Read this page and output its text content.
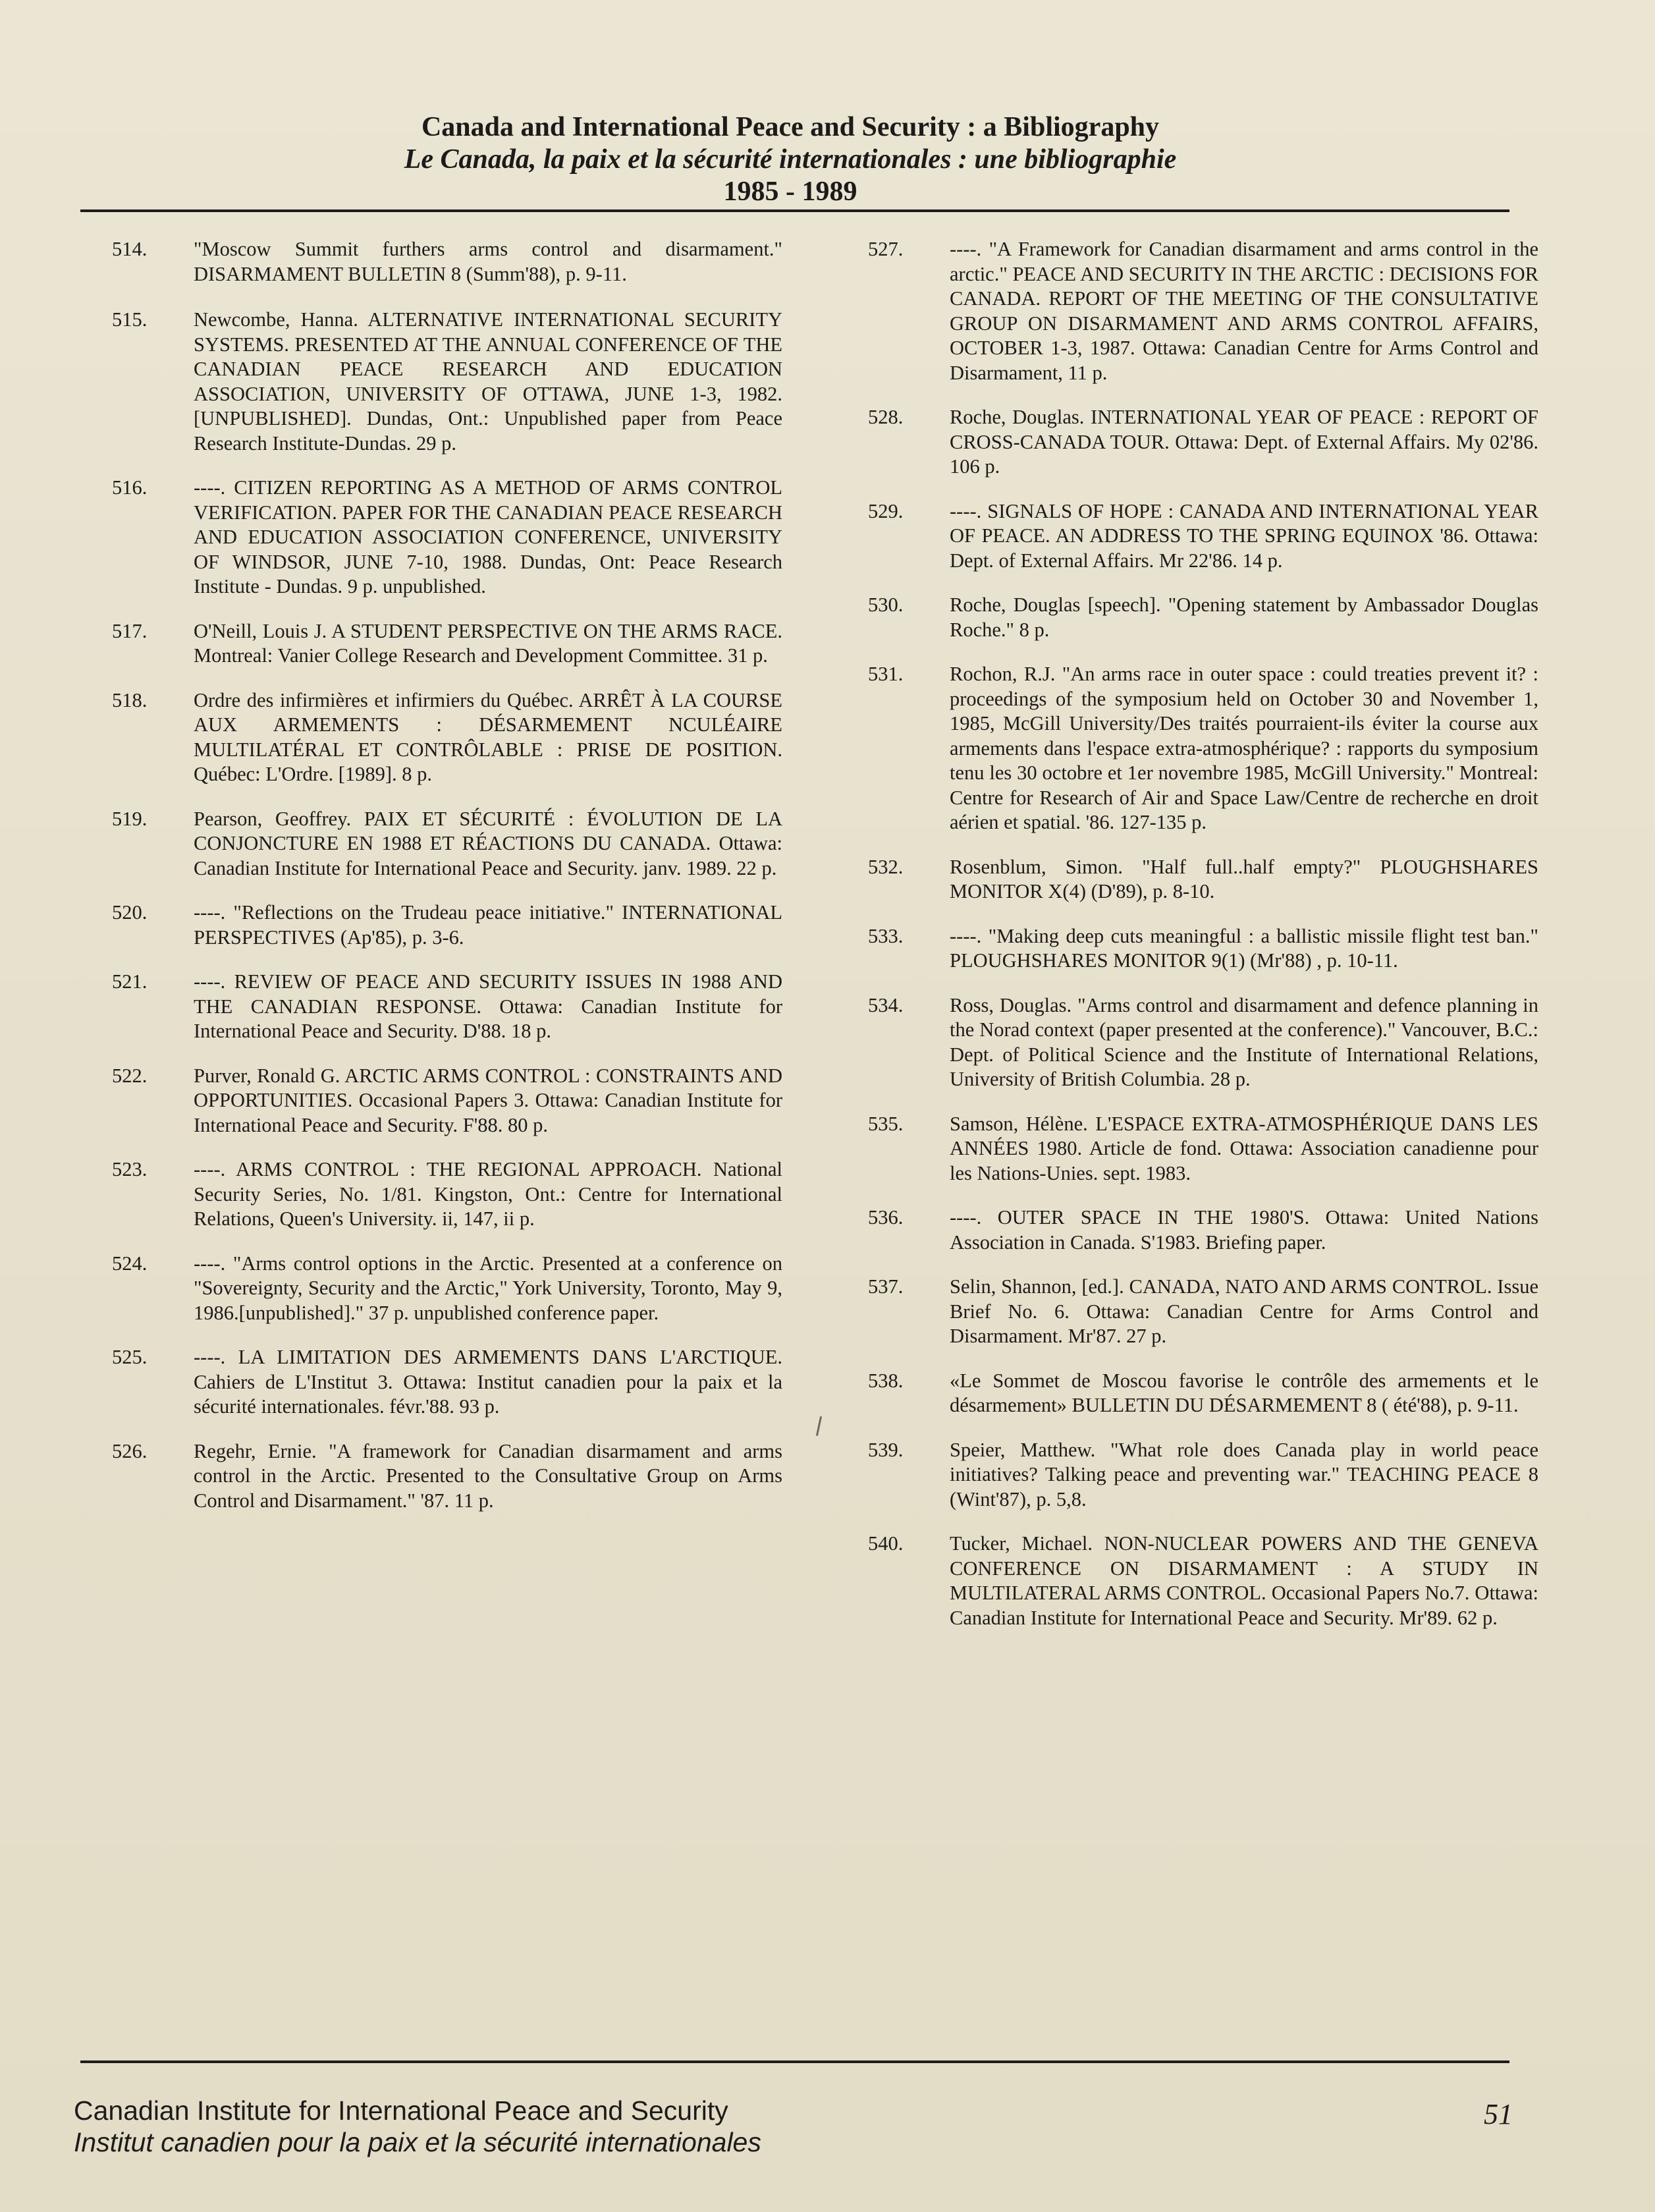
Canada and International Peace and Security : a Bibliography
Le Canada, la paix et la sécurité internationales : une bibliographie
1985 - 1989
514.	"Moscow Summit furthers arms control and disarmament." DISARMAMENT BULLETIN 8 (Summ'88), p. 9-11.
515.	Newcombe, Hanna. ALTERNATIVE INTERNATIONAL SECURITY SYSTEMS. PRESENTED AT THE ANNUAL CONFERENCE OF THE CANADIAN PEACE RESEARCH AND EDUCATION ASSOCIATION, UNIVERSITY OF OTTAWA, JUNE 1-3, 1982.[UNPUBLISHED]. Dundas, Ont.: Unpublished paper from Peace Research Institute-Dundas. 29 p.
516.	----. CITIZEN REPORTING AS A METHOD OF ARMS CONTROL VERIFICATION. PAPER FOR THE CANADIAN PEACE RESEARCH AND EDUCATION ASSOCIATION CONFERENCE, UNIVERSITY OF WINDSOR, JUNE 7-10, 1988. Dundas, Ont: Peace Research Institute - Dundas. 9 p. unpublished.
517.	O'Neill, Louis J. A STUDENT PERSPECTIVE ON THE ARMS RACE. Montreal: Vanier College Research and Development Committee. 31 p.
518.	Ordre des infirmières et infirmiers du Québec. ARRÊT À LA COURSE AUX ARMEMENTS : DÉSARMEMENT NCULÉAIRE MULTILATÉRAL ET CONTRÔLABLE : PRISE DE POSITION. Québec: L'Ordre. [1989]. 8 p.
519.	Pearson, Geoffrey. PAIX ET SÉCURITÉ : ÉVOLUTION DE LA CONJONCTURE EN 1988 ET RÉACTIONS DU CANADA. Ottawa: Canadian Institute for International Peace and Security. janv. 1989. 22 p.
520.	----. "Reflections on the Trudeau peace initiative." INTERNATIONAL PERSPECTIVES (Ap'85), p. 3-6.
521.	----. REVIEW OF PEACE AND SECURITY ISSUES IN 1988 AND THE CANADIAN RESPONSE. Ottawa: Canadian Institute for International Peace and Security. D'88. 18 p.
522.	Purver, Ronald G. ARCTIC ARMS CONTROL : CONSTRAINTS AND OPPORTUNITIES. Occasional Papers 3. Ottawa: Canadian Institute for International Peace and Security. F'88. 80 p.
523.	----. ARMS CONTROL : THE REGIONAL APPROACH. National Security Series, No. 1/81. Kingston, Ont.: Centre for International Relations, Queen's University. ii, 147, ii p.
524.	----. "Arms control options in the Arctic. Presented at a conference on "Sovereignty, Security and the Arctic," York University, Toronto, May 9, 1986.[unpublished]." 37 p. unpublished conference paper.
525.	----. LA LIMITATION DES ARMEMENTS DANS L'ARCTIQUE. Cahiers de L'Institut 3. Ottawa: Institut canadien pour la paix et la sécurité internationales. févr.'88. 93 p.
526.	Regehr, Ernie. "A framework for Canadian disarmament and arms control in the Arctic. Presented to the Consultative Group on Arms Control and Disarmament." '87. 11 p.
527.	----. "A Framework for Canadian disarmament and arms control in the arctic." PEACE AND SECURITY IN THE ARCTIC : DECISIONS FOR CANADA. REPORT OF THE MEETING OF THE CONSULTATIVE GROUP ON DISARMAMENT AND ARMS CONTROL AFFAIRS, OCTOBER 1-3, 1987. Ottawa: Canadian Centre for Arms Control and Disarmament, 11 p.
528.	Roche, Douglas. INTERNATIONAL YEAR OF PEACE : REPORT OF CROSS-CANADA TOUR. Ottawa: Dept. of External Affairs. My 02'86. 106 p.
529.	----. SIGNALS OF HOPE : CANADA AND INTERNATIONAL YEAR OF PEACE. AN ADDRESS TO THE SPRING EQUINOX '86. Ottawa: Dept. of External Affairs. Mr 22'86. 14 p.
530.	Roche, Douglas [speech]. "Opening statement by Ambassador Douglas Roche." 8 p.
531.	Rochon, R.J. "An arms race in outer space : could treaties prevent it? : proceedings of the symposium held on October 30 and November 1, 1985, McGill University/Des traités pourraient-ils éviter la course aux armements dans l'espace extra-atmosphérique? : rapports du symposium tenu les 30 octobre et 1er novembre 1985, McGill University." Montreal: Centre for Research of Air and Space Law/Centre de recherche en droit aérien et spatial. '86. 127-135 p.
532.	Rosenblum, Simon. "Half full..half empty?" PLOUGHSHARES MONITOR X(4) (D'89), p. 8-10.
533.	----. "Making deep cuts meaningful : a ballistic missile flight test ban." PLOUGHSHARES MONITOR 9(1) (Mr'88) , p. 10-11.
534.	Ross, Douglas. "Arms control and disarmament and defence planning in the Norad context (paper presented at the conference)." Vancouver, B.C.: Dept. of Political Science and the Institute of International Relations, University of British Columbia. 28 p.
535.	Samson, Hélène. L'ESPACE EXTRA-ATMOSPHÉRIQUE DANS LES ANNÉES 1980. Article de fond. Ottawa: Association canadienne pour les Nations-Unies. sept. 1983.
536.	----. OUTER SPACE IN THE 1980'S. Ottawa: United Nations Association in Canada. S'1983. Briefing paper.
537.	Selin, Shannon, [ed.]. CANADA, NATO AND ARMS CONTROL. Issue Brief No. 6. Ottawa: Canadian Centre for Arms Control and Disarmament. Mr'87. 27 p.
538.	«Le Sommet de Moscou favorise le contrôle des armements et le désarmement» BULLETIN DU DÉSARMEMENT 8 ( été'88), p. 9-11.
539.	Speier, Matthew. "What role does Canada play in world peace initiatives? Talking peace and preventing war." TEACHING PEACE 8 (Wint'87), p. 5,8.
540.	Tucker, Michael. NON-NUCLEAR POWERS AND THE GENEVA CONFERENCE ON DISARMAMENT : A STUDY IN MULTILATERAL ARMS CONTROL. Occasional Papers No.7. Ottawa: Canadian Institute for International Peace and Security. Mr'89. 62 p.
Canadian Institute for International Peace and Security
Institut canadien pour la paix et la sécurité internationales
51
